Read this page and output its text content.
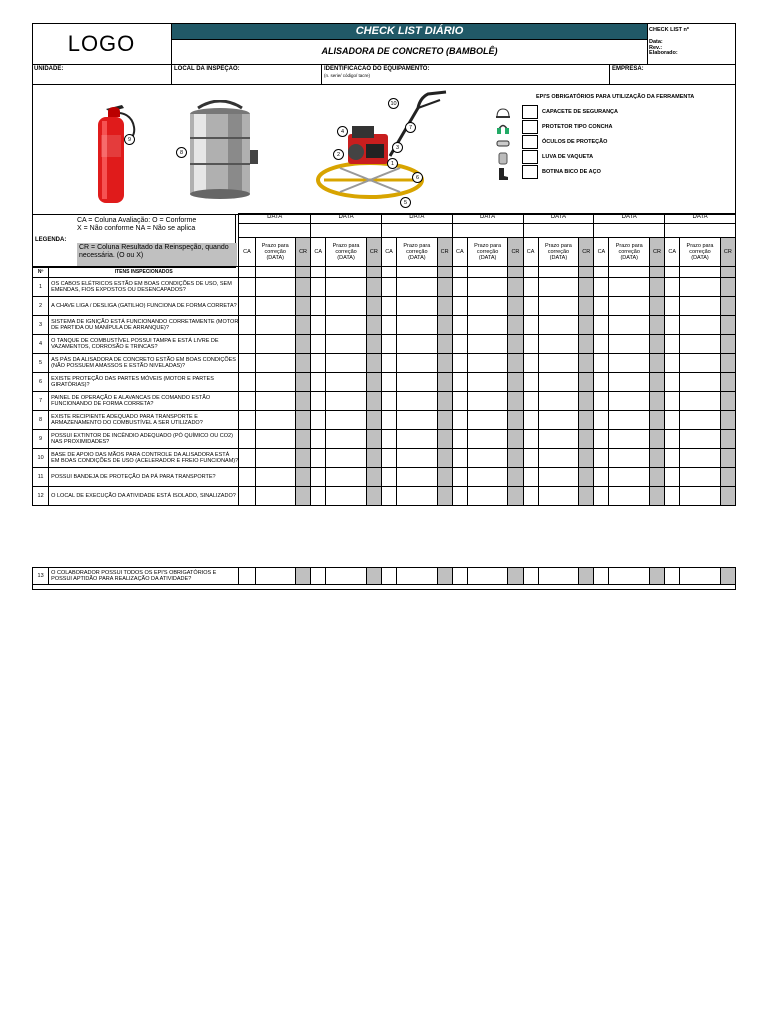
LOGO	CHECK LIST DIÁRIO
ALISADORA DE CONCRETO (BAMBOLÊ)
CHECK LIST nº
Data:
Rev.:
Elaborado:
UNIDADE:	LOCAL DA INSPEÇÃO:	IDENTIFICACAO DO EQUIPAMENTO:
(n. serie/ código/ tacre)
EMPRESA:
9
8
10
4
7
3
2
1
6
5
EPI'S OBRIGATÓRIOS PARA UTILIZAÇÃO DA FERRAMENTA
CAPACETE DE SEGURANÇA
PROTETOR TIPO CONCHA
ÓCULOS DE PROTEÇÃO
LUVA DE VAQUETA
BOTINA BICO DE AÇO
LEGENDA:
CA = Coluna Avaliação: O = Conforme
X = Não conforme NA = Não se aplica
CR = Coluna Resultado da Reinspeção, quando necessária. (O ou X)
		DATA			DATA			DATA			DATA			DATA			DATA			DATA		

		CA	Prazo para correção (DATA)	CR	CA	Prazo para correção (DATA)	CR	CA	Prazo para correção (DATA)	CR	CA	Prazo para correção (DATA)	CR	CA	Prazo para correção (DATA)	CR	CA	Prazo para correção (DATA)	CR	CA	Prazo para correção (DATA)	CR
Nº	ITENS INSPECIONADOS																					
1	OS CABOS ELÉTRICOS ESTÃO EM BOAS CONDIÇÕES DE USO, SEM EMENDAS, FIOS EXPOSTOS OU DESENCAPADOS?																					
2	A CHAVE LIGA / DESLIGA (GATILHO) FUNCIONA DE FORMA CORRETA?																					
3	SISTEMA DE IGNIÇÃO ESTÁ FUNCIONANDO CORRETAMENTE (MOTOR DE PARTIDA OU MANÍPULA DE ARRANQUE)?																					
4	O TANQUE DE COMBUSTÍVEL POSSUI TAMPA E ESTÁ LIVRE DE VAZAMENTOS, CORROSÃO E TRINCAS?																					
5	AS PÁS DA ALISADORA DE CONCRETO ESTÃO EM BOAS CONDIÇÕES (NÃO POSSUEM AMASSOS E ESTÃO NIVELADAS)?																					
6	EXISTE PROTEÇÃO DAS PARTES MÓVEIS (MOTOR E PARTES GIRATÓRIAS)?																					
7	PAINEL DE OPERAÇÃO E ALAVANCAS DE COMANDO ESTÃO FUNCIONANDO DE FORMA CORRETA?																					
8	EXISTE RECIPIENTE ADEQUADO PARA TRANSPORTE E ARMAZENAMENTO DO COMBUSTÍVEL A SER UTILIZADO?																					
9	POSSUI EXTINTOR DE INCÊNDIO ADEQUADO (PÓ QUÍMICO OU CO2) NAS PROXIMIDADES?																					
10	BASE DE APOIO DAS MÃOS PARA CONTROLE DA ALISADORA ESTÁ EM BOAS CONDIÇÕES DE USO (ACELERADOR E FREIO FUNCIONAM)?																					
11	POSSUI BANDEJA DE PROTEÇÃO DA PÁ PARA TRANSPORTE?																					
12	O LOCAL DE EXECUÇÃO DA ATIVIDADE ESTÁ ISOLADO, SINALIZADO?																					
13	O COLABORADOR POSSUI TODOS OS EPI'S OBRIGATÓRIOS E POSSUI APTIDÃO PARA REALIZAÇÃO DA ATIVIDADE?																					
